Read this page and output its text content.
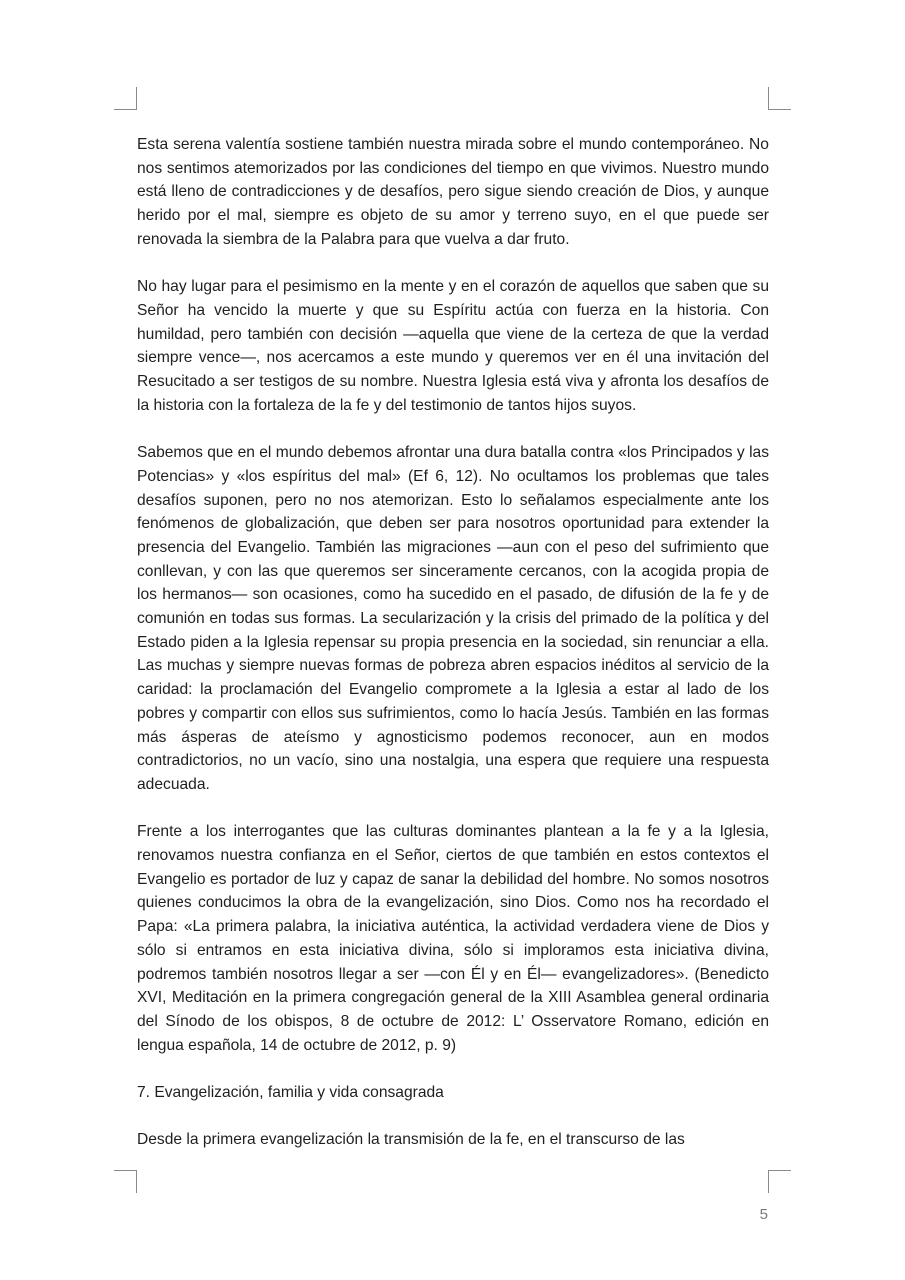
Esta serena valentía sostiene también nuestra mirada sobre el mundo contemporáneo. No nos sentimos atemorizados por las condiciones del tiempo en que vivimos. Nuestro mundo está lleno de contradicciones y de desafíos, pero sigue siendo creación de Dios, y aunque herido por el mal, siempre es objeto de su amor y terreno suyo, en el que puede ser renovada la siembra de la Palabra para que vuelva a dar fruto.

No hay lugar para el pesimismo en la mente y en el corazón de aquellos que saben que su Señor ha vencido la muerte y que su Espíritu actúa con fuerza en la historia. Con humildad, pero también con decisión —aquella que viene de la certeza de que la verdad siempre vence—, nos acercamos a este mundo y queremos ver en él una invitación del Resucitado a ser testigos de su nombre. Nuestra Iglesia está viva y afronta los desafíos de la historia con la fortaleza de la fe y del testimonio de tantos hijos suyos.

Sabemos que en el mundo debemos afrontar una dura batalla contra «los Principados y las Potencias» y «los espíritus del mal» (Ef 6, 12). No ocultamos los problemas que tales desafíos suponen, pero no nos atemorizan. Esto lo señalamos especialmente ante los fenómenos de globalización, que deben ser para nosotros oportunidad para extender la presencia del Evangelio. También las migraciones —aun con el peso del sufrimiento que conllevan, y con las que queremos ser sinceramente cercanos, con la acogida propia de los hermanos— son ocasiones, como ha sucedido en el pasado, de difusión de la fe y de comunión en todas sus formas. La secularización y la crisis del primado de la política y del Estado piden a la Iglesia repensar su propia presencia en la sociedad, sin renunciar a ella. Las muchas y siempre nuevas formas de pobreza abren espacios inéditos al servicio de la caridad: la proclamación del Evangelio compromete a la Iglesia a estar al lado de los pobres y compartir con ellos sus sufrimientos, como lo hacía Jesús. También en las formas más ásperas de ateísmo y agnosticismo podemos reconocer, aun en modos contradictorios, no un vacío, sino una nostalgia, una espera que requiere una respuesta adecuada.

Frente a los interrogantes que las culturas dominantes plantean a la fe y a la Iglesia, renovamos nuestra confianza en el Señor, ciertos de que también en estos contextos el Evangelio es portador de luz y capaz de sanar la debilidad del hombre. No somos nosotros quienes conducimos la obra de la evangelización, sino Dios. Como nos ha recordado el Papa: «La primera palabra, la iniciativa auténtica, la actividad verdadera viene de Dios y sólo si entramos en esta iniciativa divina, sólo si imploramos esta iniciativa divina, podremos también nosotros llegar a ser —con Él y en Él— evangelizadores». (Benedicto XVI, Meditación en la primera congregación general de la XIII Asamblea general ordinaria del Sínodo de los obispos, 8 de octubre de 2012: L’ Osservatore Romano, edición en lengua española, 14 de octubre de 2012, p. 9)

7. Evangelización, familia y vida consagrada

Desde la primera evangelización la transmisión de la fe, en el transcurso de las

5
